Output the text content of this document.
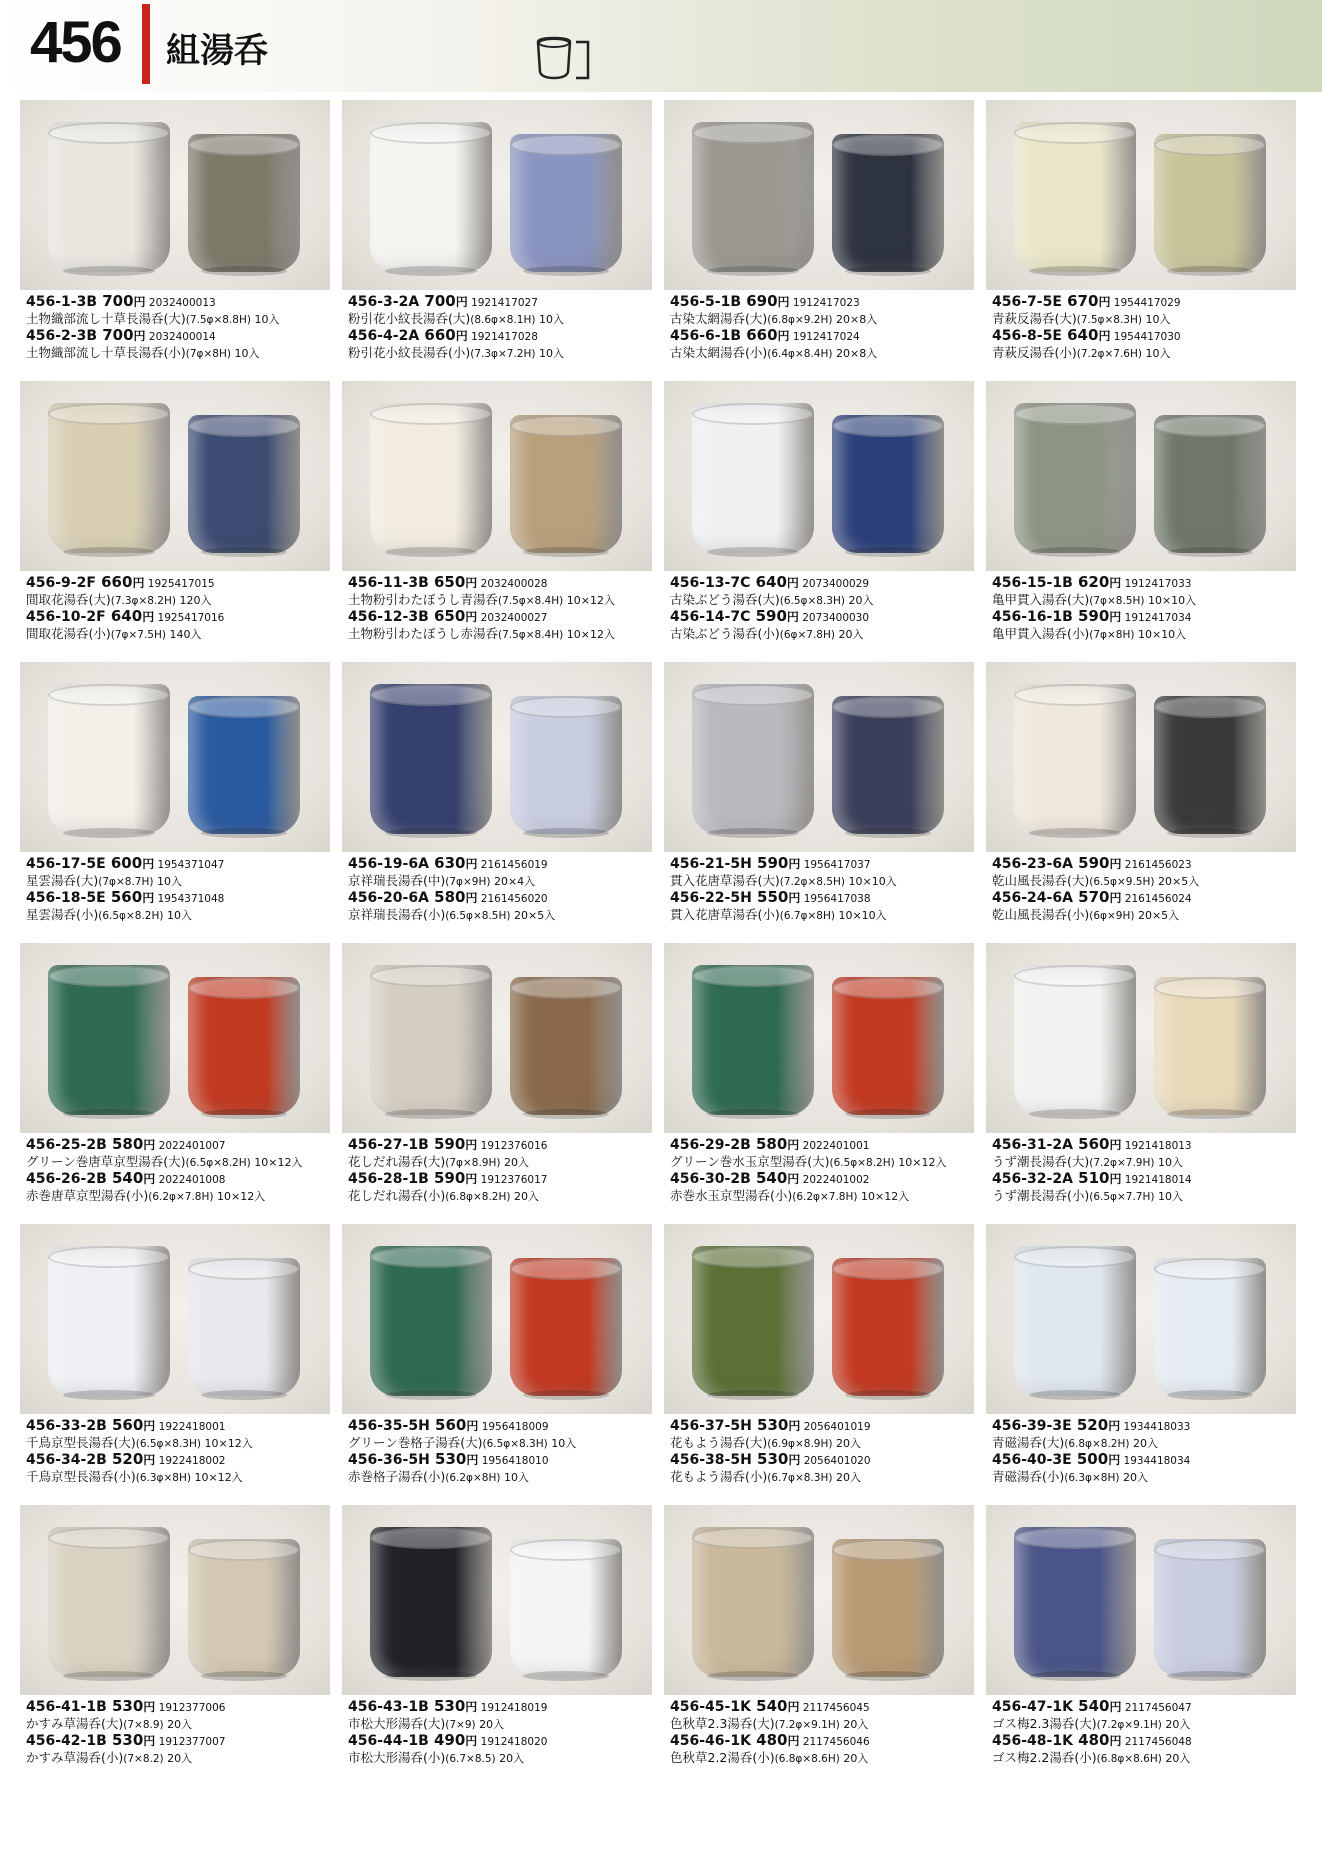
456 組湯呑
456-1-3B 700円 2032400013
土物織部流し十草長湯呑(大)(7.5φ×8.8H) 10入
456-2-3B 700円 2032400014
土物織部流し十草長湯呑(小)(7φ×8H) 10入
456-3-2A 700円 1921417027
粉引花小紋長湯呑(大)(8.6φ×8.1H) 10入
456-4-2A 660円 1921417028
粉引花小紋長湯呑(小)(7.3φ×7.2H) 10入
456-5-1B 690円 1912417023
古染太網湯呑(大)(6.8φ×9.2H) 20×8入
456-6-1B 660円 1912417024
古染太網湯呑(小)(6.4φ×8.4H) 20×8入
456-7-5E 670円 1954417029
青萩反湯呑(大)(7.5φ×8.3H) 10入
456-8-5E 640円 1954417030
青萩反湯呑(小)(7.2φ×7.6H) 10入
456-9-2F 660円 1925417015
間取花湯呑(大)(7.3φ×8.2H) 120入
456-10-2F 640円 1925417016
間取花湯呑(小)(7φ×7.5H) 140入
456-11-3B 650円 2032400028
土物粉引わたぼうし青湯呑(7.5φ×8.4H) 10×12入
456-12-3B 650円 2032400027
土物粉引わたぼうし赤湯呑(7.5φ×8.4H) 10×12入
456-13-7C 640円 2073400029
古染ぶどう湯呑(大)(6.5φ×8.3H) 20入
456-14-7C 590円 2073400030
古染ぶどう湯呑(小)(6φ×7.8H) 20入
456-15-1B 620円 1912417033
亀甲貫入湯呑(大)(7φ×8.5H) 10×10入
456-16-1B 590円 1912417034
亀甲貫入湯呑(小)(7φ×8H) 10×10入
456-17-5E 600円 1954371047
星雲湯呑(大)(7φ×8.7H) 10入
456-18-5E 560円 1954371048
星雲湯呑(小)(6.5φ×8.2H) 10入
456-19-6A 630円 2161456019
京祥瑞長湯呑(中)(7φ×9H) 20×4入
456-20-6A 580円 2161456020
京祥瑞長湯呑(小)(6.5φ×8.5H) 20×5入
456-21-5H 590円 1956417037
貫入花唐草湯呑(大)(7.2φ×8.5H) 10×10入
456-22-5H 550円 1956417038
貫入花唐草湯呑(小)(6.7φ×8H) 10×10入
456-23-6A 590円 2161456023
乾山風長湯呑(大)(6.5φ×9.5H) 20×5入
456-24-6A 570円 2161456024
乾山風長湯呑(小)(6φ×9H) 20×5入
456-25-2B 580円 2022401007
グリーン巻唐草京型湯呑(大)(6.5φ×8.2H) 10×12入
456-26-2B 540円 2022401008
赤巻唐草京型湯呑(小)(6.2φ×7.8H) 10×12入
456-27-1B 590円 1912376016
花しだれ湯呑(大)(7φ×8.9H) 20入
456-28-1B 590円 1912376017
花しだれ湯呑(小)(6.8φ×8.2H) 20入
456-29-2B 580円 2022401001
グリーン巻水玉京型湯呑(大)(6.5φ×8.2H) 10×12入
456-30-2B 540円 2022401002
赤巻水玉京型湯呑(小)(6.2φ×7.8H) 10×12入
456-31-2A 560円 1921418013
うず潮長湯呑(大)(7.2φ×7.9H) 10入
456-32-2A 510円 1921418014
うず潮長湯呑(小)(6.5φ×7.7H) 10入
456-33-2B 560円 1922418001
千鳥京型長湯呑(大)(6.5φ×8.3H) 10×12入
456-34-2B 520円 1922418002
千鳥京型長湯呑(小)(6.3φ×8H) 10×12入
456-35-5H 560円 1956418009
グリーン巻格子湯呑(大)(6.5φ×8.3H) 10入
456-36-5H 530円 1956418010
赤巻格子湯呑(小)(6.2φ×8H) 10入
456-37-5H 530円 2056401019
花もよう湯呑(大)(6.9φ×8.9H) 20入
456-38-5H 530円 2056401020
花もよう湯呑(小)(6.7φ×8.3H) 20入
456-39-3E 520円 1934418033
青磁湯呑(大)(6.8φ×8.2H) 20入
456-40-3E 500円 1934418034
青磁湯呑(小)(6.3φ×8H) 20入
456-41-1B 530円 1912377006
かすみ草湯呑(大)(7×8.9) 20入
456-42-1B 530円 1912377007
かすみ草湯呑(小)(7×8.2) 20入
456-43-1B 530円 1912418019
市松大形湯呑(大)(7×9) 20入
456-44-1B 490円 1912418020
市松大形湯呑(小)(6.7×8.5) 20入
456-45-1K 540円 2117456045
色秋草2.3湯呑(大)(7.2φ×9.1H) 20入
456-46-1K 480円 2117456046
色秋草2.2湯呑(小)(6.8φ×8.6H) 20入
456-47-1K 540円 2117456047
ゴス梅2.3湯呑(大)(7.2φ×9.1H) 20入
456-48-1K 480円 2117456048
ゴス梅2.2湯呑(小)(6.8φ×8.6H) 20入
